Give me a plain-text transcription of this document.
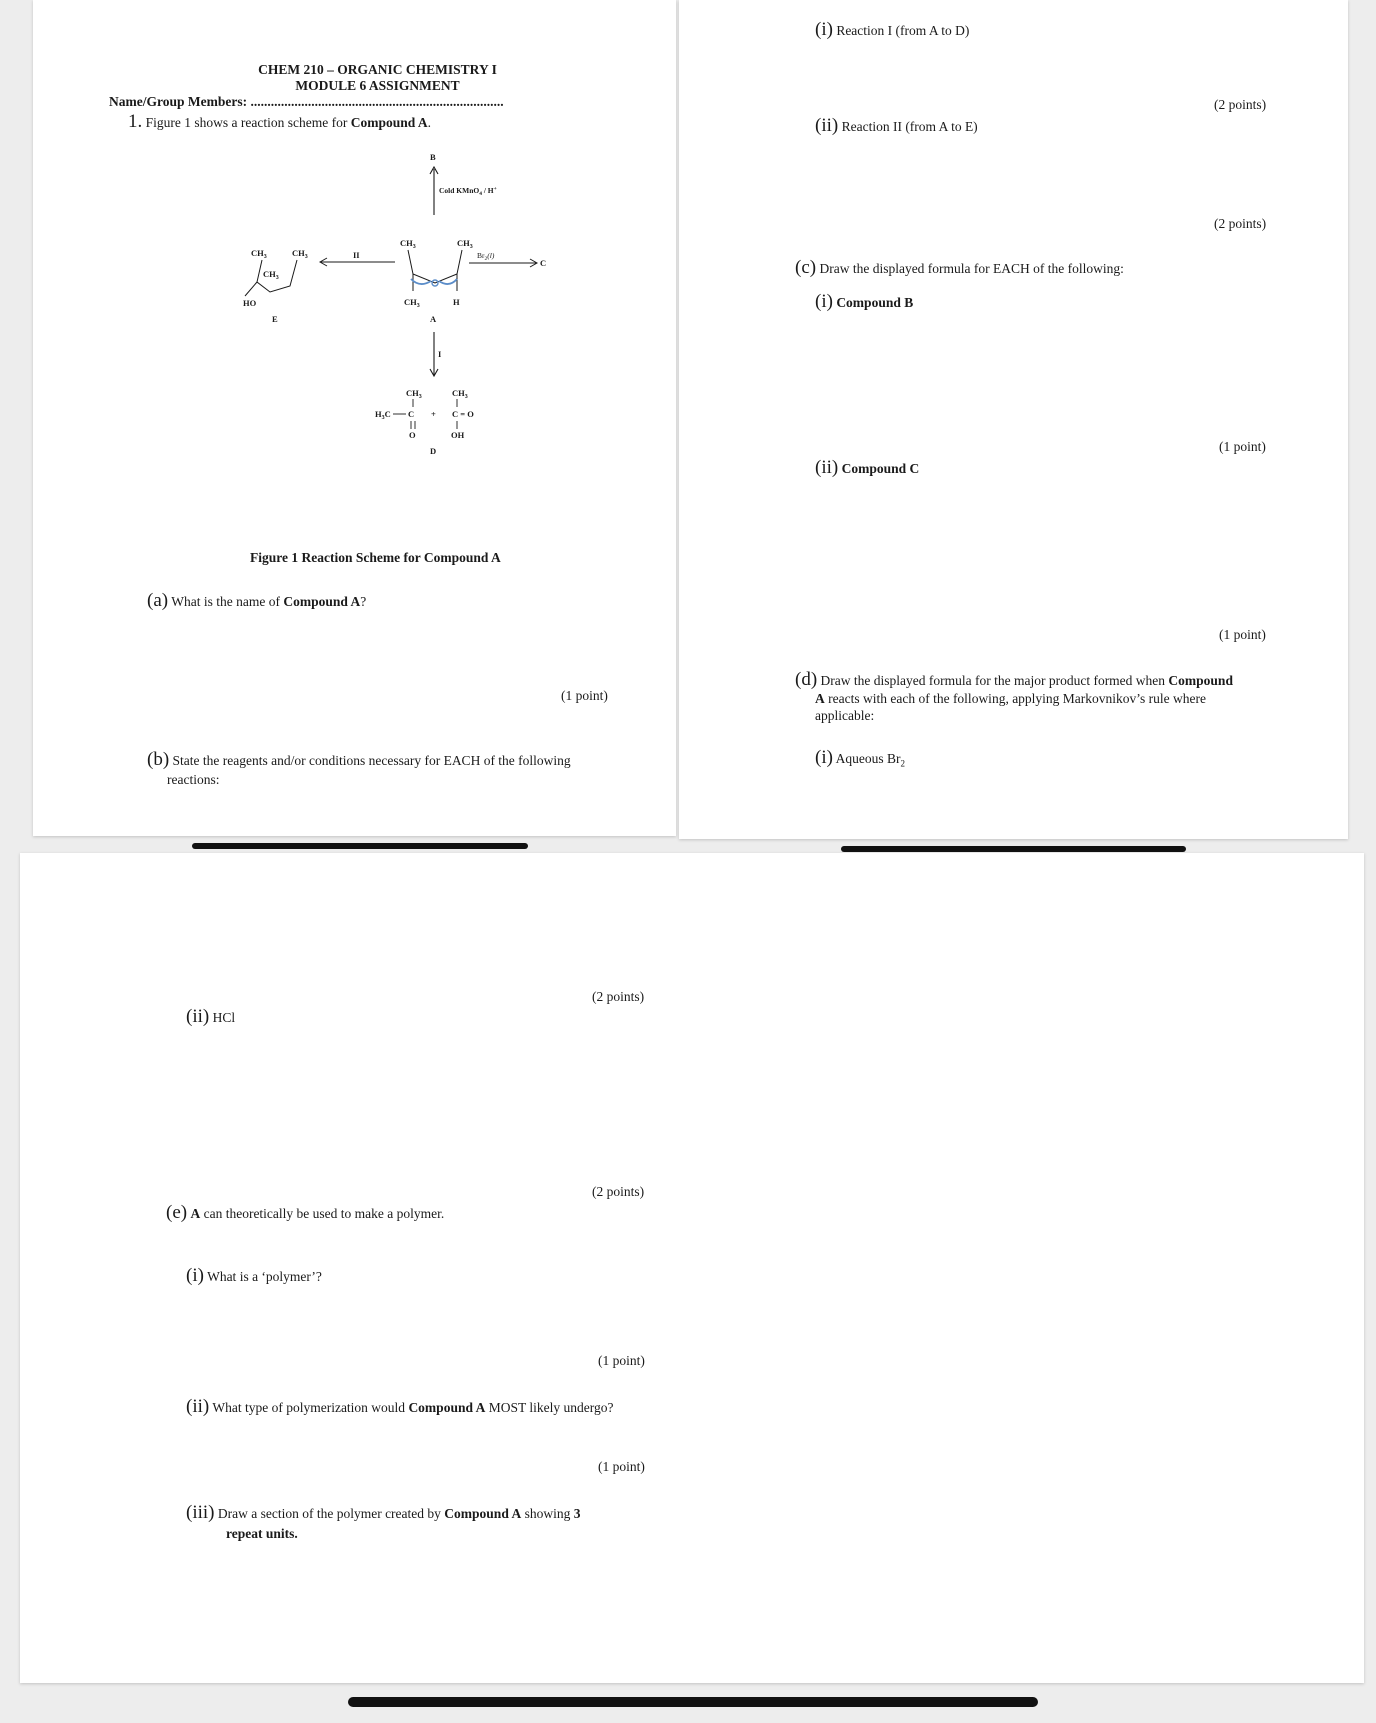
CHEM 210 – ORGANIC CHEMISTRY I
MODULE 6 ASSIGNMENT
Name/Group Members: ...........................................................................
1. Figure 1 shows a reaction scheme for Compound A.
Figure 1 Reaction Scheme for Compound A
(a) What is the name of Compound A?
(1 point)
(b) State the reagents and/or conditions necessary for EACH of the following
reactions:
B
Cold KMnO$_4$ / H+
$CH_3$	$CH_3$
$CH_3$	H
A
$Br_2(l)$
C
II
$CH_3$	$CH_3$
$CH_3$
HO
E
I
$CH_3$
$H_3C$ C
O
+
$CH_3$
C = O
OH
D
(i) Reaction I (from A to D)
(2 points)
(ii) Reaction II (from A to E)
(2 points)
(c) Draw the displayed formula for EACH of the following:
(i) Compound B
(1 point)
(ii) Compound C
(1 point)
(d) Draw the displayed formula for the major product formed when Compound
A reacts with each of the following, applying Markovnikov’s rule where
applicable:
(i) Aqueous $Br_2$
(2 points)
(ii) HCl
(2 points)
(e) A can theoretically be used to make a polymer.
(i) What is a ‘polymer’?
(1 point)
(ii) What type of polymerization would Compound A MOST likely undergo?
(1 point)
(iii) Draw a section of the polymer created by Compound A showing 3
repeat units.
